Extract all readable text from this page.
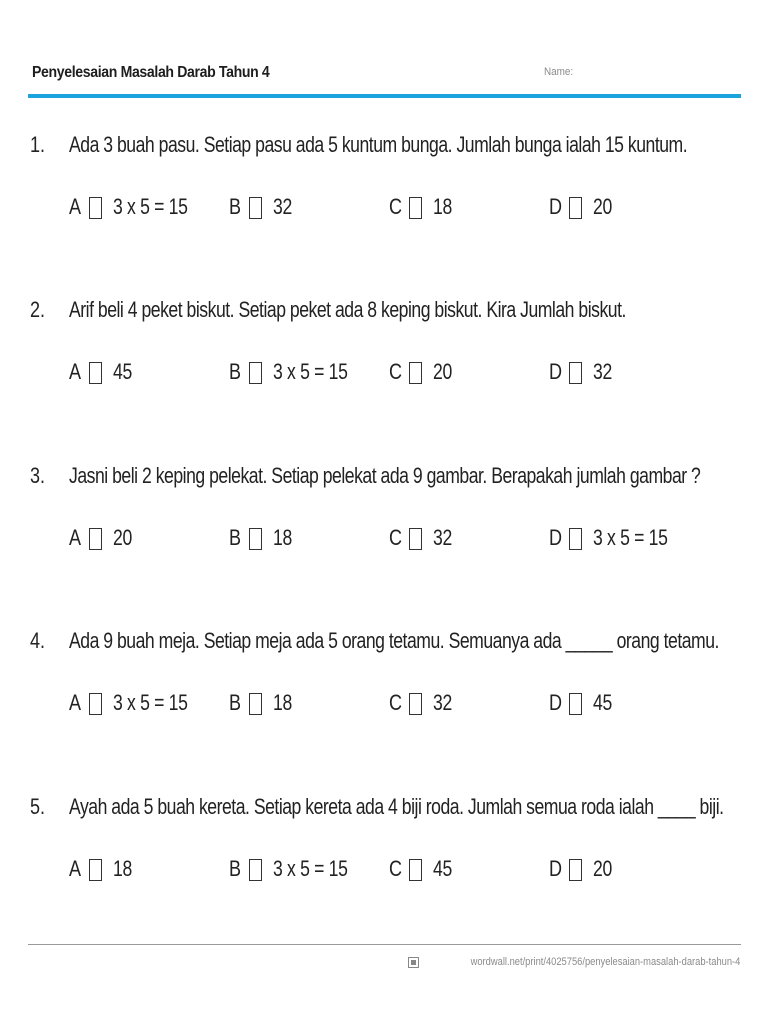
Penyelesaian Masalah Darab Tahun 4	Name:
1. Ada 3 buah pasu. Setiap pasu ada 5 kuntum bunga. Jumlah bunga ialah 15 kuntum.
A 3 x 5 = 15 B 32	C 18	D 20
2. Arif beli 4 peket biskut. Setiap peket ada 8 keping biskut. Kira Jumlah biskut.
A 45	B 3 x 5 = 15 C 20	D 32
3. Jasni beli 2 keping pelekat. Setiap pelekat ada 9 gambar. Berapakah jumlah gambar ?
A 20	B 18	C 32	D 3 x 5 = 15
4. Ada 9 buah meja. Setiap meja ada 5 orang tetamu. Semuanya ada _____ orang tetamu.
A 3 x 5 = 15 B 18	C 32	D 45
5. Ayah ada 5 buah kereta. Setiap kereta ada 4 biji roda. Jumlah semua roda ialah ____ biji.
A 18	B 3 x 5 = 15 C 45	D 20
wordwall.net/print/4025756/penyelesaian-masalah-darab-tahun-4
